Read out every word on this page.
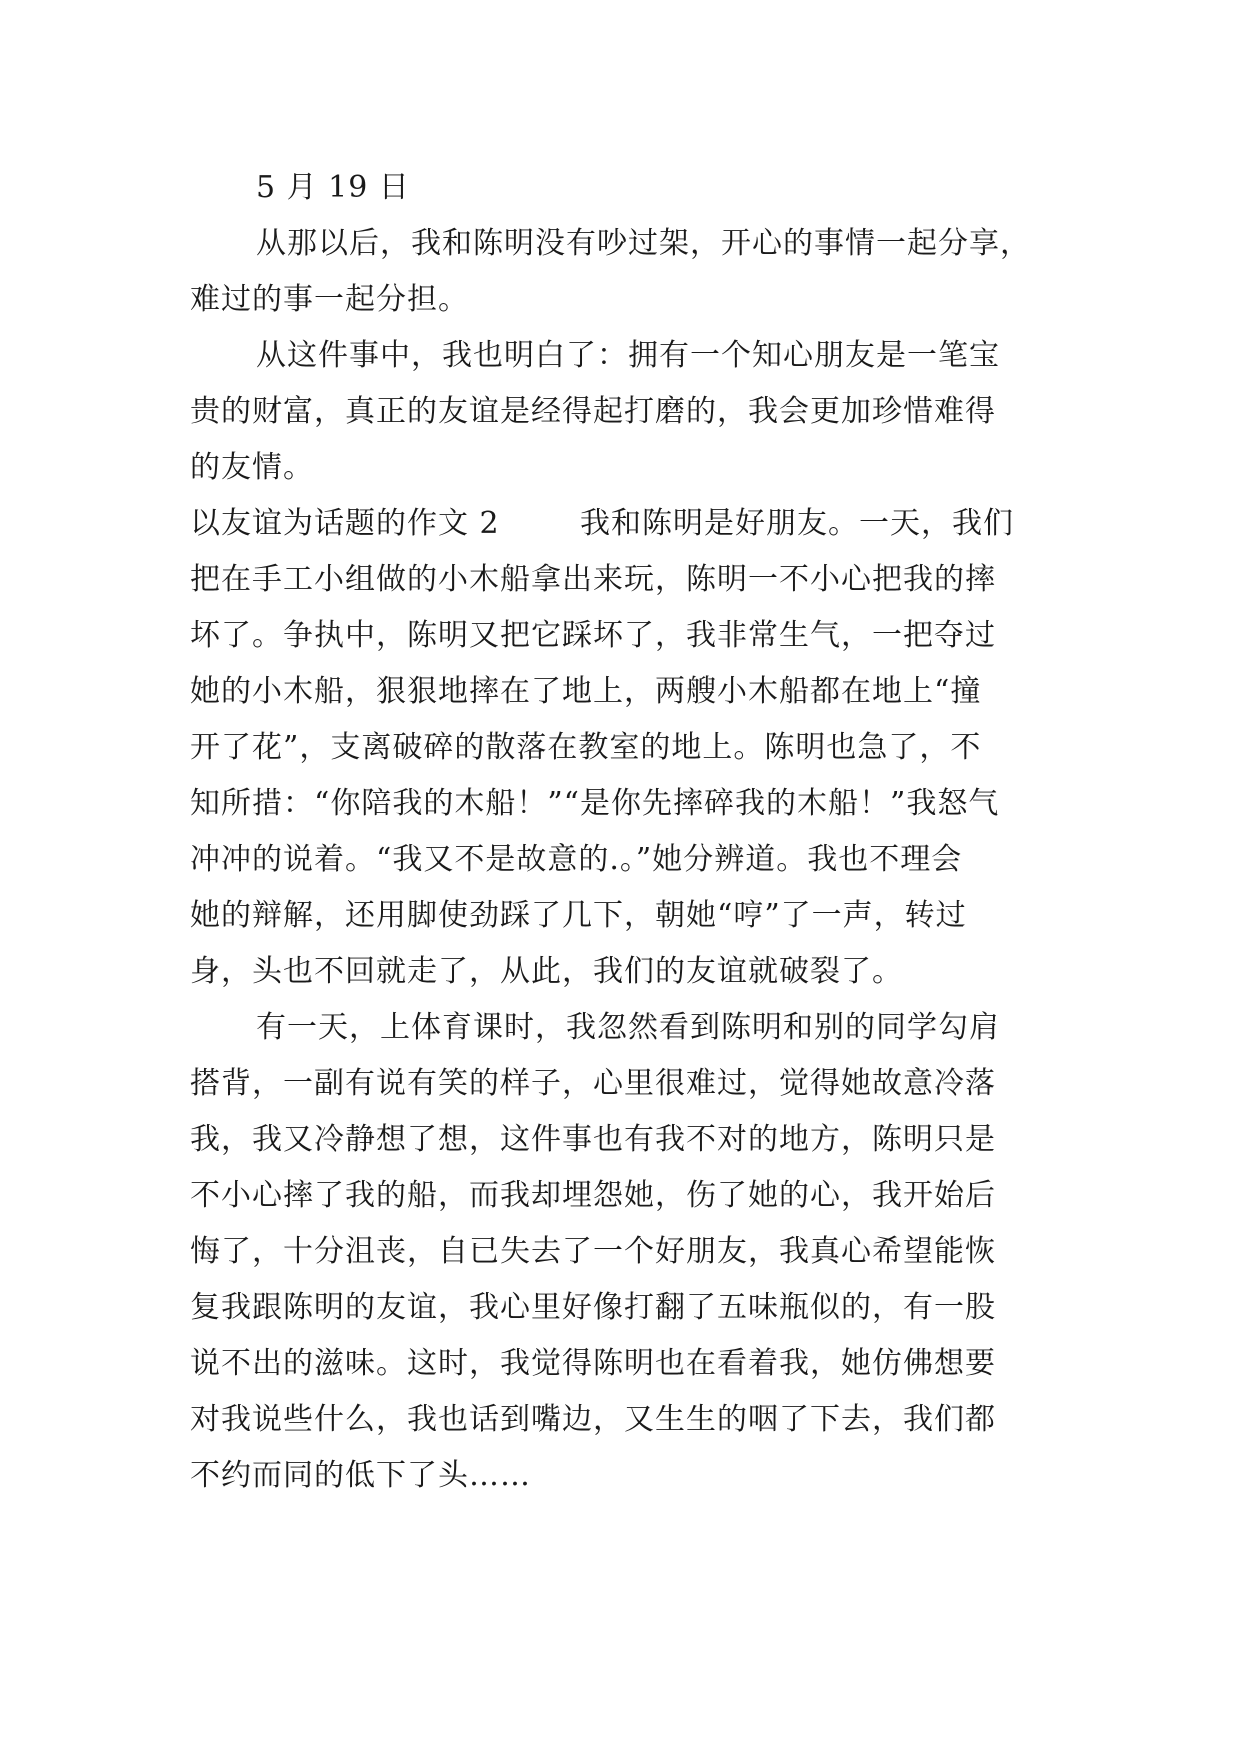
5 月 19 日
从那以后，我和陈明没有吵过架，开心的事情一起分享，
难过的事一起分担。
从这件事中，我也明白了：拥有一个知心朋友是一笔宝
贵的财富，真正的友谊是经得起打磨的，我会更加珍惜难得
的友情。
以友谊为话题的作文 2	我和陈明是好朋友。一天，我们
把在手工小组做的小木船拿出来玩，陈明一不小心把我的摔
坏了。争执中，陈明又把它踩坏了，我非常生气，一把夺过
她的小木船，狠狠地摔在了地上，两艘小木船都在地上“撞
开了花”，支离破碎的散落在教室的地上。陈明也急了，不
知所措：“你陪我的木船！”“是你先摔碎我的木船！”我怒气
冲冲的说着。“我又不是故意的.。”她分辨道。我也不理会
她的辩解，还用脚使劲踩了几下，朝她“哼”了一声，转过
身，头也不回就走了，从此，我们的友谊就破裂了。
有一天，上体育课时，我忽然看到陈明和别的同学勾肩
搭背，一副有说有笑的样子，心里很难过，觉得她故意冷落
我，我又冷静想了想，这件事也有我不对的地方，陈明只是
不小心摔了我的船，而我却埋怨她，伤了她的心，我开始后
悔了，十分沮丧，自已失去了一个好朋友，我真心希望能恢
复我跟陈明的友谊，我心里好像打翻了五味瓶似的，有一股
说不出的滋味。这时，我觉得陈明也在看着我，她仿佛想要
对我说些什么，我也话到嘴边，又生生的咽了下去，我们都
不约而同的低下了头……
